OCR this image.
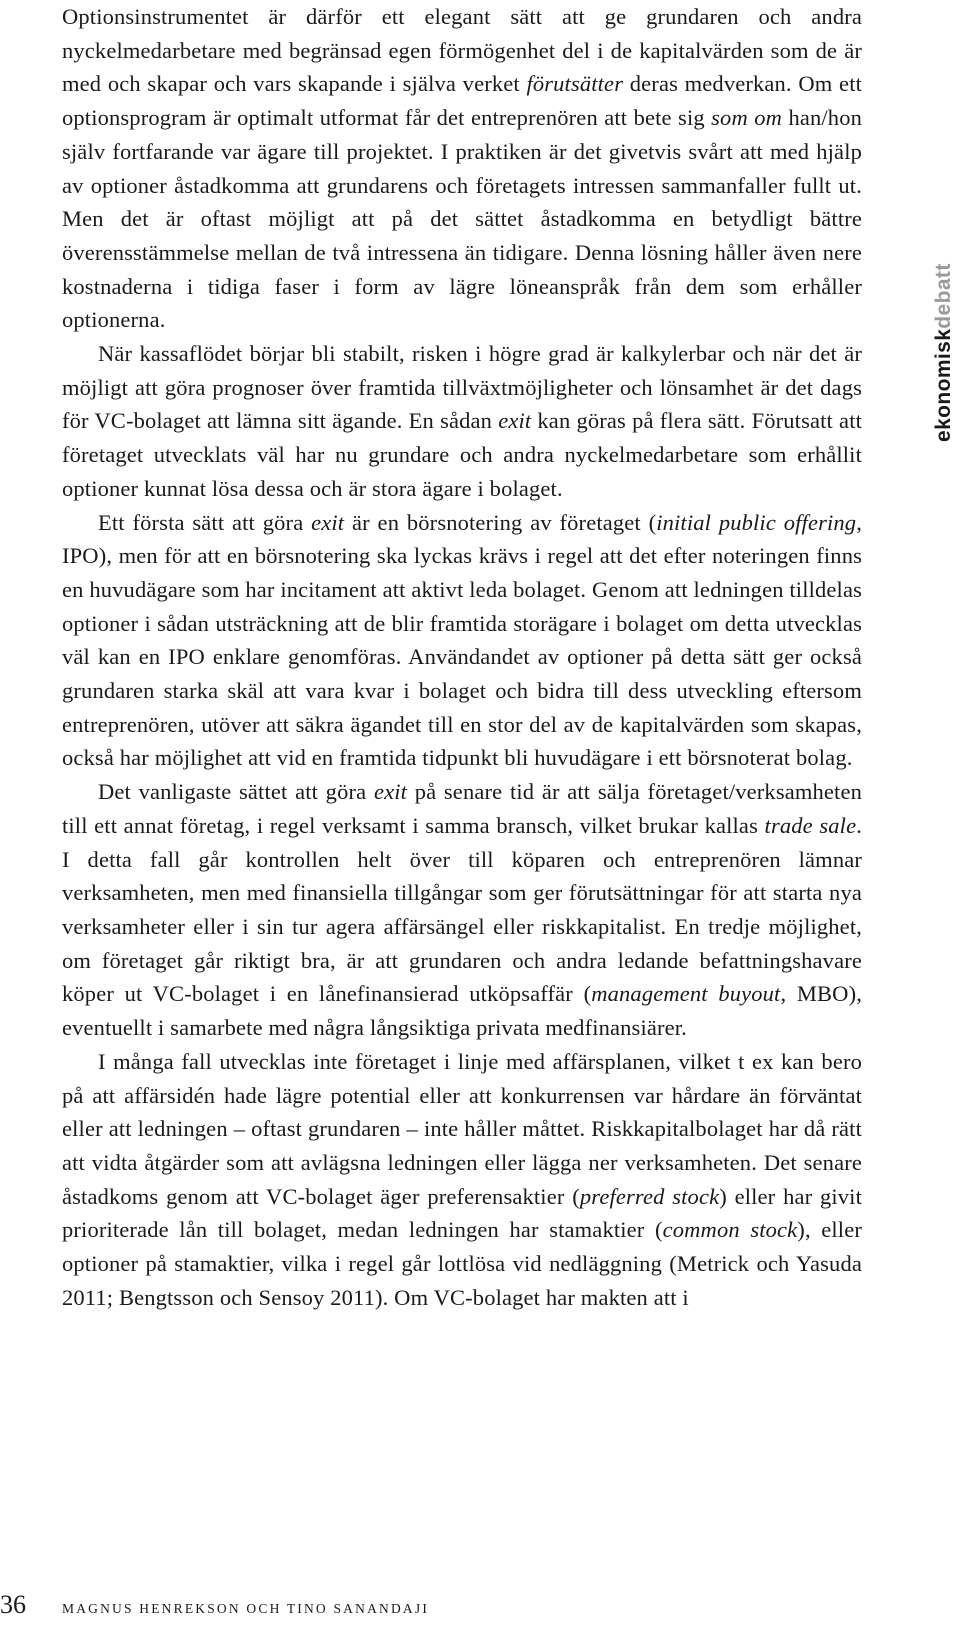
Optionsinstrumentet är därför ett elegant sätt att ge grundaren och andra nyckelmedarbetare med begränsad egen förmögenhet del i de kapitalvärden som de är med och skapar och vars skapande i själva verket förutsätter deras medverkan. Om ett optionsprogram är optimalt utformat får det entreprenören att bete sig som om han/hon själv fortfarande var ägare till projektet. I praktiken är det givetvis svårt att med hjälp av optioner åstadkomma att grundarens och företagets intressen sammanfaller fullt ut. Men det är oftast möjligt att på det sättet åstadkomma en betydligt bättre överensstämmelse mellan de två intressena än tidigare. Denna lösning håller även nere kostnaderna i tidiga faser i form av lägre löneanspråk från dem som erhåller optionerna.

När kassaflödet börjar bli stabilt, risken i högre grad är kalkylerbar och när det är möjligt att göra prognoser över framtida tillväxtmöjligheter och lönsamhet är det dags för VC-bolaget att lämna sitt ägande. En sådan exit kan göras på flera sätt. Förutsatt att företaget utvecklats väl har nu grundare och andra nyckelmedarbetare som erhållit optioner kunnat lösa dessa och är stora ägare i bolaget.

Ett första sätt att göra exit är en börsnotering av företaget (initial public offering, IPO), men för att en börsnotering ska lyckas krävs i regel att det efter noteringen finns en huvudägare som har incitament att aktivt leda bolaget. Genom att ledningen tilldelas optioner i sådan utsträckning att de blir framtida storägare i bolaget om detta utvecklas väl kan en IPO enklare genomföras. Användandet av optioner på detta sätt ger också grundaren starka skäl att vara kvar i bolaget och bidra till dess utveckling eftersom entreprenören, utöver att säkra ägandet till en stor del av de kapitalvärden som skapas, också har möjlighet att vid en framtida tidpunkt bli huvudägare i ett börsnoterat bolag.

Det vanligaste sättet att göra exit på senare tid är att sälja företaget/verksamheten till ett annat företag, i regel verksamt i samma bransch, vilket brukar kallas trade sale. I detta fall går kontrollen helt över till köparen och entreprenören lämnar verksamheten, men med finansiella tillgångar som ger förutsättningar för att starta nya verksamheter eller i sin tur agera affärsängel eller riskkapitalist. En tredje möjlighet, om företaget går riktigt bra, är att grundaren och andra ledande befattningshavare köper ut VC-bolaget i en lånefinansierad utköpsaffär (management buyout, MBO), eventuellt i samarbete med några långsiktiga privata medfinansiärer.

I många fall utvecklas inte företaget i linje med affärsplanen, vilket t ex kan bero på att affärsidén hade lägre potential eller att konkurrensen var hårdare än förväntat eller att ledningen – oftast grundaren – inte håller måttet. Riskkapitalbolaget har då rätt att vidta åtgärder som att avlägsna ledningen eller lägga ner verksamheten. Det senare åstadkoms genom att VC-bolaget äger preferensaktier (preferred stock) eller har givit prioriterade lån till bolaget, medan ledningen har stamaktier (common stock), eller optioner på stamaktier, vilka i regel går lottlösa vid nedläggning (Metrick och Yasuda 2011; Bengtsson och Sensoy 2011). Om VC-bolaget har makten att i

ekonomiskdebatt
36	MAGNUS HENREKSON OCH TINO SANANDAJI
